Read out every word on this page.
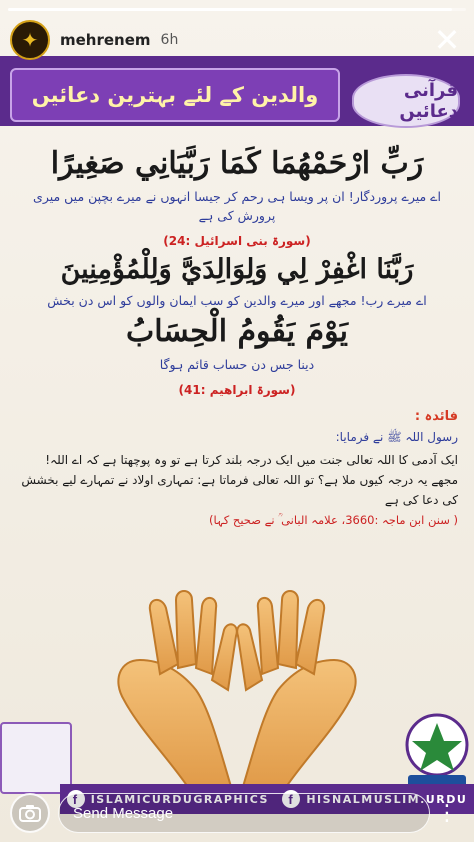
والدین کے لئے بہترین دعائیں	قرآنی دعائیں
رَبِّ ارْحَمْهُمَا كَمَا رَبَّيَانِي صَغِيرًا
اے میرے پروردگار! ان پر ویسا ہی رحم کر جیسا انہوں نے میرے بچپن میں میری پرورش کی ہے
(سورۃ بنی اسرائیل :24)
رَبَّنَا اغْفِرْ لِي وَلِوَالِدَيَّ وَلِلْمُؤْمِنِينَ
اے میرے رب! مجھے اور میرے والدین کو سب ایمان والوں کو اس دن بخش
يَوْمَ يَقُومُ الْحِسَابُ
دینا جس دن حساب قائم ہوگا
(سورۃ ابراھیم :41)
فائدہ :
رسول اللہ ﷺ نے فرمایا:
ایک آدمی کا اللہ تعالی جنت میں ایک درجہ بلند کرتا ہے تو وہ پوچھتا ہے کہ اے اللہ! مجھے یہ درجہ کیوں ملا ہے؟ تو اللہ تعالی فرماتا ہے: تمہاری اولاد نے تمہارے لیے بخشش کی دعا کی ہے
( سنن ابن ماجہ :3660، علامہ البانی ؒ نے صحیح کہا)
f	ISLAMICURDUGRAPHICS	f	HISNALMUSLIM.URDU
✦	mehrenem 6h	✕
Send Message	⋮
